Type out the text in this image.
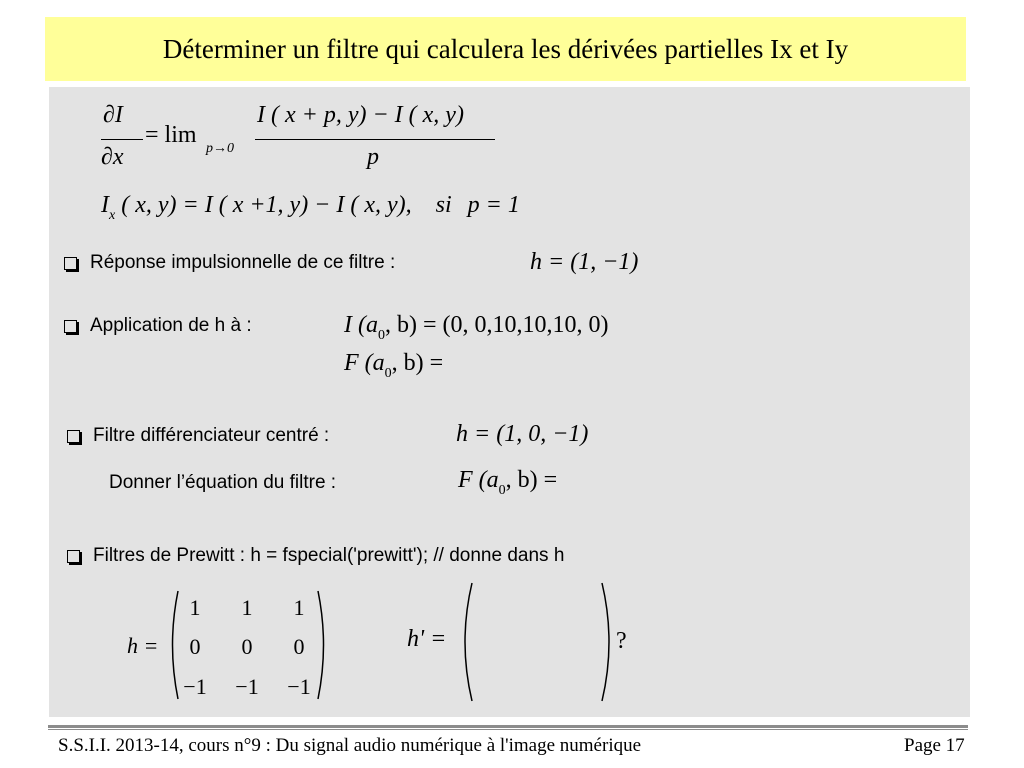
Déterminer un filtre qui calculera les dérivées partielles Ix et Iy
∂I
∂x
= lim
p→0
I ( x + p, y) − I ( x, y)
p
$I_x$ ( x, y) = I ( x +1, y) − I ( x, y), si p = 1
Réponse impulsionnelle de ce filtre :	h = (1, −1)
Application de h à :	I ($a_0$, b) = (0, 0,10,10,10, 0)
F ($a_0$, b) =
Filtre différenciateur centré :	h = (1, 0, −1)
Donner l’équation du filtre :	F ($a_0$, b) =
Filtres de Prewitt : h = fspecial('prewitt'); // donne dans h
h =
1	1	1
0	0	0
−1	−1	−1
h' =	?
S.S.I.I. 2013-14, cours n°9 : Du signal audio numérique à l'image numérique	Page 17
